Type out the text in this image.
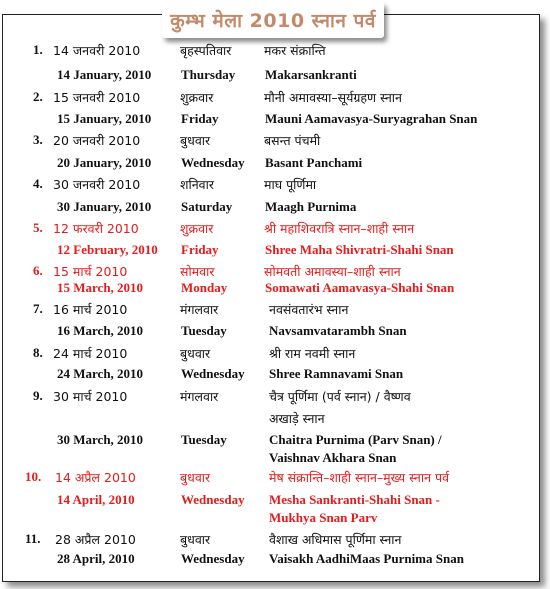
कुम्भ मेला 2010 स्नान पर्व
1. 14 जनवरी 2010	बृहस्पतिवार	मकर संक्रान्ति
14 January, 2010 Thursday Makarsankranti
2. 15 जनवरी 2010	शुक्रवार	मौनी अमावस्या–सूर्यग्रहण स्नान
15 January, 2010 Friday	Mauni Aamavasya-Suryagrahan Snan
3. 20 जनवरी 2010	बुधवार	बसन्त पंचमी
20 January, 2010 Wednesday Basant Panchami
4. 30 जनवरी 2010	शनिवार	माघ पूर्णिमा
30 January, 2010 Saturday	Maagh Purnima
5. 12 फरवरी 2010	शुक्रवार	श्री महाशिवरात्रि स्नान–शाही स्नान
12 February, 2010 Friday	Shree Maha Shivratri-Shahi Snan
6. 15 मार्च 2010	सोमवार	सोमवती अमावस्या–शाही स्नान
15 March, 2010	Monday	Somawati Aamavasya-Shahi Snan
7. 16 मार्च 2010	मंगलवार	नवसंवतारंभ स्नान
16 March, 2010	Tuesday	Navsamvatarambh Snan
8. 24 मार्च 2010	बुधवार	श्री राम नवमी स्नान
24 March, 2010	Wednesday Shree Ramnavami Snan
9. 30 मार्च 2010	मंगलवार	चैत्र पूर्णिमा (पर्व स्नान) / वैष्णव
अखाड़े स्नान
30 March, 2010	Tuesday	Chaitra Purnima (Parv Snan) /
Vaishnav Akhara Snan
10. 14 अप्रैल 2010	बुधवार	मेष संक्रान्ति–शाही स्नान–मुख्य स्नान पर्व
14 April, 2010	Wednesday Mesha Sankranti-Shahi Snan -
Mukhya Snan Parv
11. 28 अप्रैल 2010	बुधवार	वैशाख अधिमास पूर्णिमा स्नान
28 April, 2010	Wednesday Vaisakh AadhiMaas Purnima Snan
